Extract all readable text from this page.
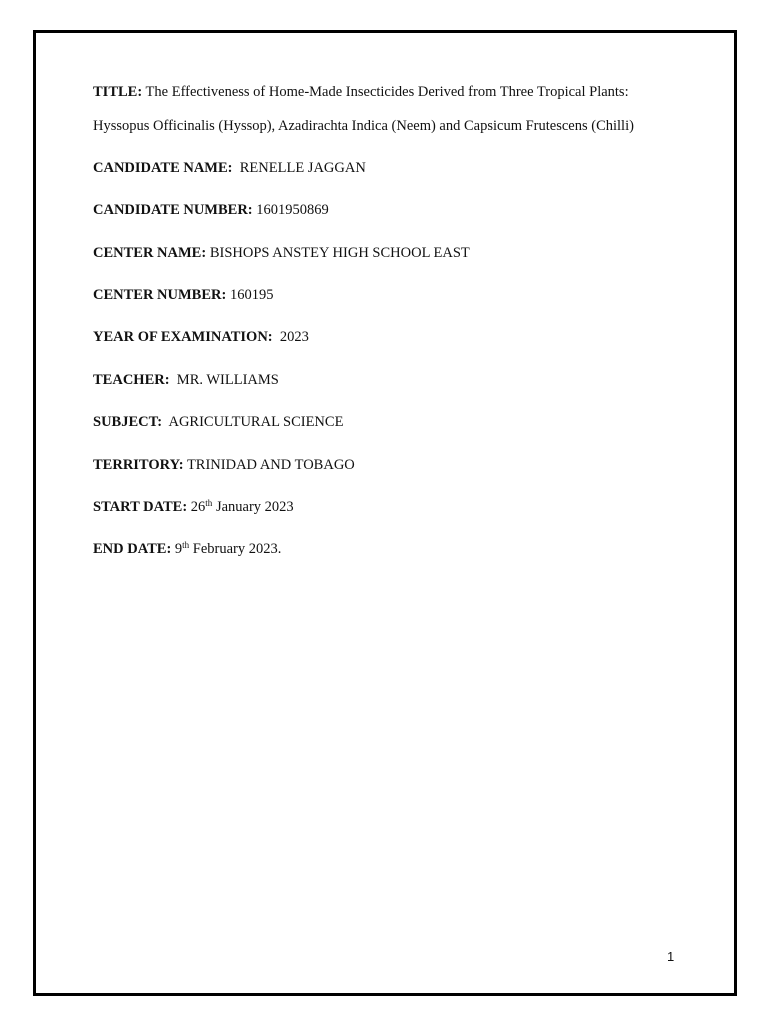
TITLE: The Effectiveness of Home-Made Insecticides Derived from Three Tropical Plants:
Hyssopus Officinalis (Hyssop), Azadirachta Indica (Neem) and Capsicum Frutescens (Chilli)
CANDIDATE NAME: RENELLE JAGGAN
CANDIDATE NUMBER: 1601950869
CENTER NAME: BISHOPS ANSTEY HIGH SCHOOL EAST
CENTER NUMBER: 160195
YEAR OF EXAMINATION: 2023
TEACHER: MR. WILLIAMS
SUBJECT: AGRICULTURAL SCIENCE
TERRITORY: TRINIDAD AND TOBAGO
START DATE: 26th January 2023
END DATE: 9th February 2023.
1
